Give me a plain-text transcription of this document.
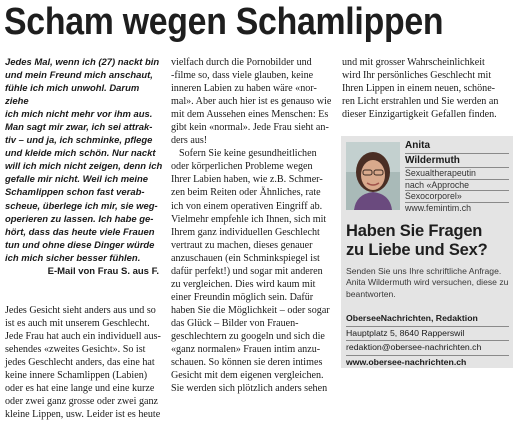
Scham wegen Schamlippen
Jedes Mal, wenn ich (27) nackt bin
und mein Freund mich anschaut,
fühle ich mich unwohl. Darum ziehe
ich mich nicht mehr vor ihm aus.
Man sagt mir zwar, ich sei attrak-
tiv – und ja, ich schminke, pflege
und kleide mich schön. Nur nackt
will ich mich nicht zeigen, denn ich
gefalle mir nicht. Weil ich meine
Schamlippen schon fast verab-
scheue, überlege ich mir, sie weg-
operieren zu lassen. Ich habe ge-
hört, dass das heute viele Frauen
tun und ohne diese Dinger würde
ich mich sicher besser fühlen.
E-Mail von Frau S. aus F.
Jedes Gesicht sieht anders aus und so
ist es auch mit unserem Geschlecht.
Jede Frau hat auch ein individuell aus-
sehendes «zweites Gesicht». So ist
jedes Geschlecht anders, das eine hat
keine innere Schamlippen (Labien)
oder es hat eine lange und eine kurze
oder zwei ganz grosse oder zwei ganz
kleine Lippen, usw. Leider ist es heute
vielfach durch die Pornobilder und
-filme so, dass viele glauben, keine
inneren Labien zu haben wäre «nor-
mal». Aber auch hier ist es genauso wie
mit dem Aussehen eines Menschen: Es
gibt kein «normal». Jede Frau sieht an-
ders aus!
Sofern Sie keine gesundheitlichen
oder körperlichen Probleme wegen
Ihrer Labien haben, wie z.B. Schmer-
zen beim Reiten oder Ähnliches, rate
ich von einem operativen Eingriff ab.
Vielmehr empfehle ich Ihnen, sich mit
Ihrem ganz individuellen Geschlecht
vertraut zu machen, dieses genauer
anzuschauen (ein Schminkspiegel ist
dafür perfekt!) und sogar mit anderen
zu vergleichen. Dies wird kaum mit
einer Freundin möglich sein. Dafür
haben Sie die Möglichkeit – oder sogar
das Glück – Bilder von Frauen-
geschlechtern zu googeln und sich die
«ganz normalen» Frauen intim anzu-
schauen. So können sie deren intimes
Gesicht mit dem eigenen vergleichen.
Sie werden sich plötzlich anders sehen
und mit grosser Wahrscheinlichkeit
wird Ihr persönliches Geschlecht mit
Ihren Lippen in einem neuen, schöne-
ren Licht erstrahlen und Sie werden an
dieser Einzigartigkeit Gefallen finden.
Anita
Wildermuth
Sexualtherapeutin
nach «Approche
Sexocorporel»
www.femintim.ch
Haben Sie Fragen
zu Liebe und Sex?
Senden Sie uns Ihre schriftliche Anfrage. Anita Wildermuth wird versuchen, diese zu beantworten.
OberseeNachrichten, Redaktion
Hauptplatz 5, 8640 Rapperswil
redaktion@obersee-nachrichten.ch
www.obersee-nachrichten.ch
